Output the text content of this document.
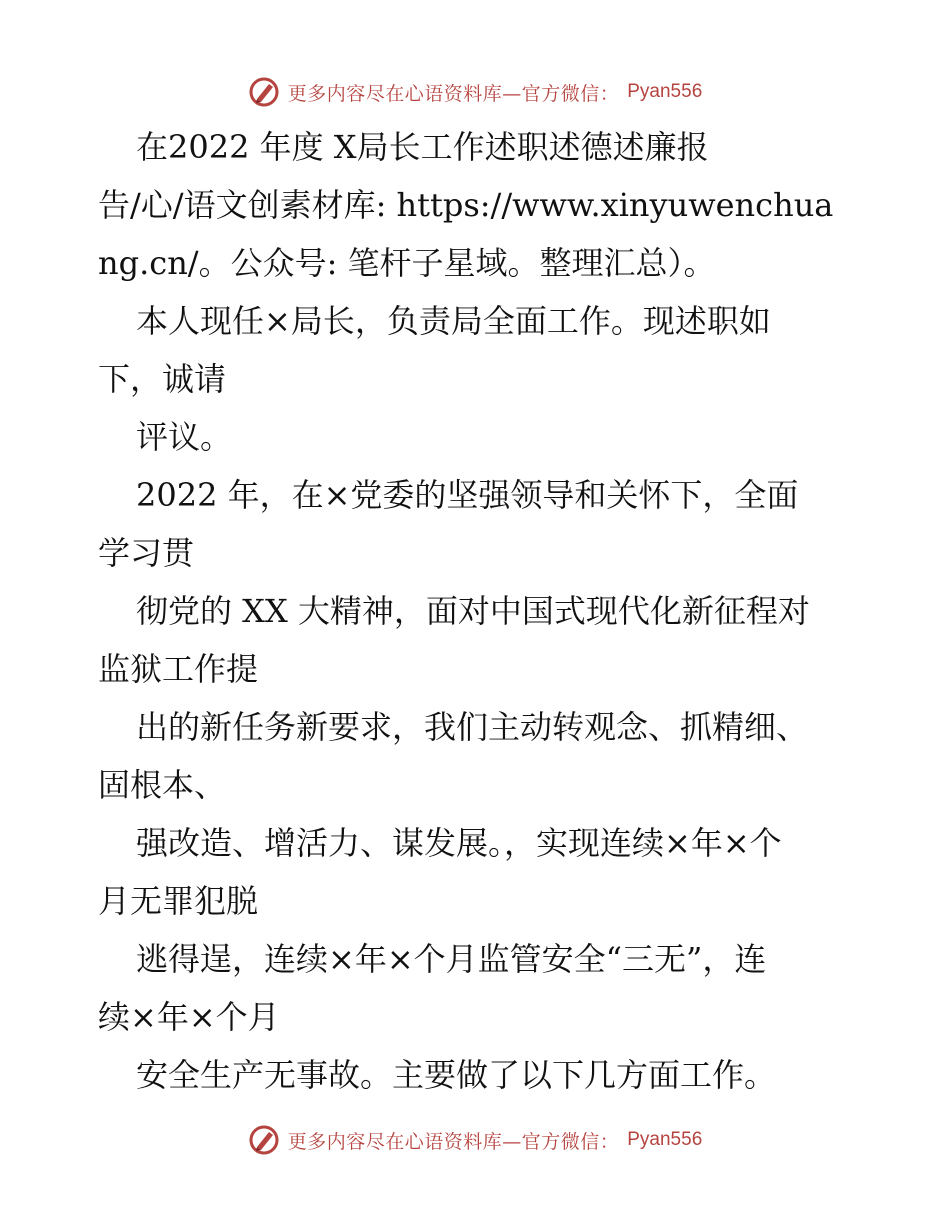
更多内容尽在心语资料库—官方微信： Pyan556
在2022 年度 X局长工作述职述德述廉报
告/心/语文创素材库: https://www.xinyuwenchua
ng.cn/。公众号: 笔杆子星域。整理汇总）。
本人现任×局长，负责局全面工作。现述职如
下，诚请
评议。
2022 年，在×党委的坚强领导和关怀下，全面
学习贯
彻党的 XX 大精神，面对中国式现代化新征程对
监狱工作提
出的新任务新要求，我们主动转观念、抓精细、
固根本、
强改造、增活力、谋发展。，实现连续×年×个
月无罪犯脱
逃得逞，连续×年×个月监管安全“三无”，连
续×年×个月
安全生产无事故。主要做了以下几方面工作。
更多内容尽在心语资料库—官方微信： Pyan556
